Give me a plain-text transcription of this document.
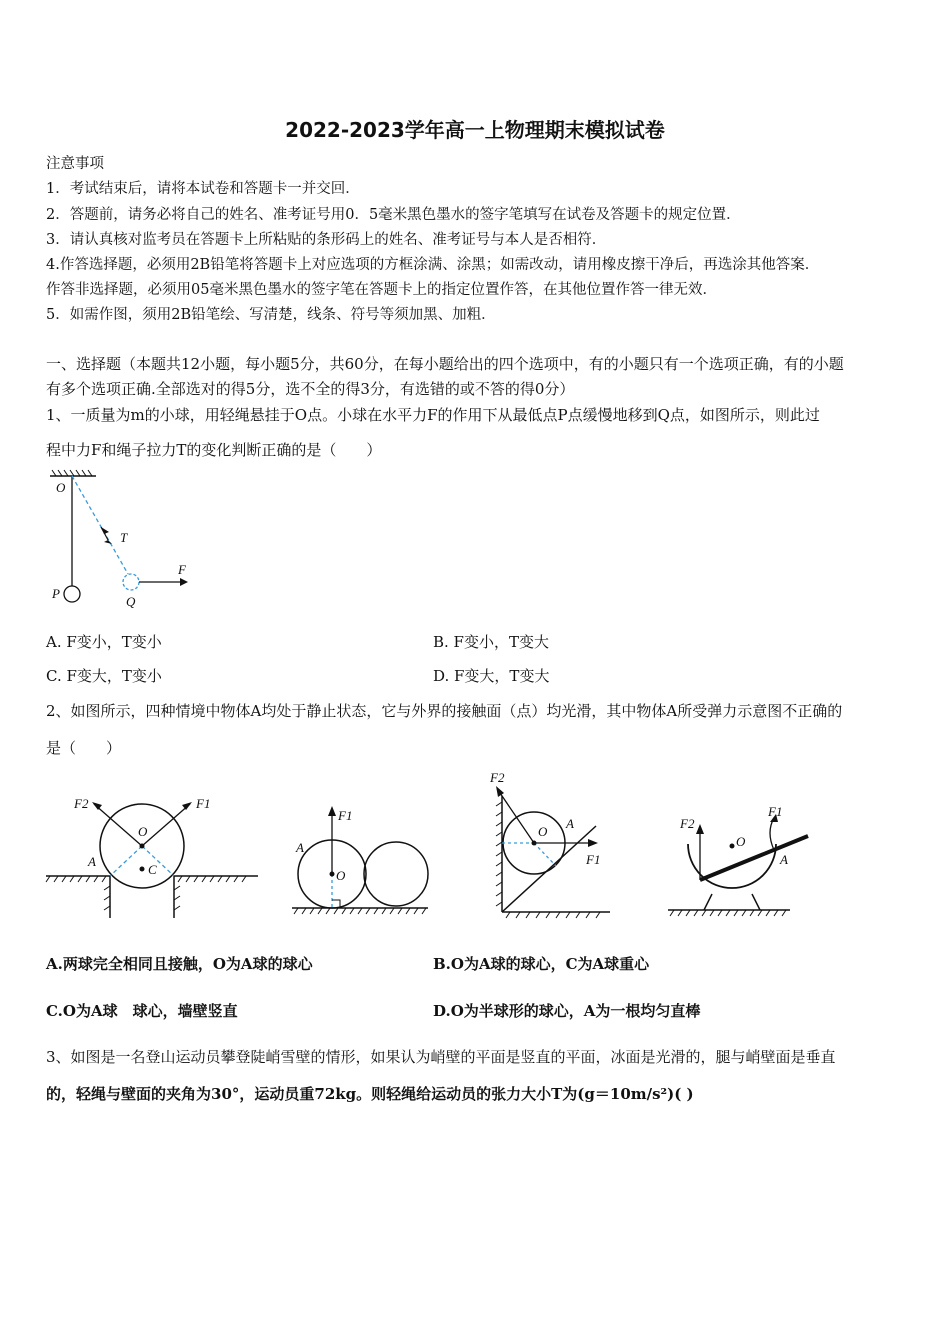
2022-2023学年高一上物理期末模拟试卷
注意事项
1．考试结束后，请将本试卷和答题卡一并交回．
2．答题前，请务必将自己的姓名、准考证号用0．5毫米黑色墨水的签字笔填写在试卷及答题卡的规定位置．
3．请认真核对监考员在答题卡上所粘贴的条形码上的姓名、准考证号与本人是否相符．
4.作答选择题，必须用2B铅笔将答题卡上对应选项的方框涂满、涂黑；如需改动，请用橡皮擦干净后，再选涂其他答案．
作答非选择题，必须用05毫米黑色墨水的签字笔在答题卡上的指定位置作答，在其他位置作答一律无效．
5．如需作图，须用2B铅笔绘、写清楚，线条、符号等须加黑、加粗．
一、选择题（本题共12小题，每小题5分，共60分，在每小题给出的四个选项中，有的小题只有一个选项正确，有的小题
有多个选项正确.全部选对的得5分，选不全的得3分，有选错的或不答的得0分）
1、一质量为m的小球，用轻绳悬挂于O点。小球在水平力F的作用下从最低点P点缓慢地移到Q点，如图所示，则此过
程中力F和绳子拉力T的变化判断正确的是（　　）
O
T
F
P
Q
A. F变小，T变小	B. F变小，T变大
C. F变大，T变小	D. F变大，T变大
2、如图所示，四种情境中物体A均处于静止状态，它与外界的接触面（点）均光滑，其中物体A所受弹力示意图不正确的
是（　　）
F2	F1
O
A
C
F1
A
O
F2
O
A
F1
F2
O
F1
A
A.两球完全相同且接触，O为A球的球心	B.O为A球的球心，C为A球重心
C.O为A球　球心，墙壁竖直	D.O为半球形的球心，A为一根均匀直棒
3、如图是一名登山运动员攀登陡峭雪壁的情形，如果认为峭壁的平面是竖直的平面，冰面是光滑的，腿与峭壁面是垂直
的，轻绳与壁面的夹角为30°，运动员重72kg。则轻绳给运动员的张力大小T为(g＝10m/s²)( )
